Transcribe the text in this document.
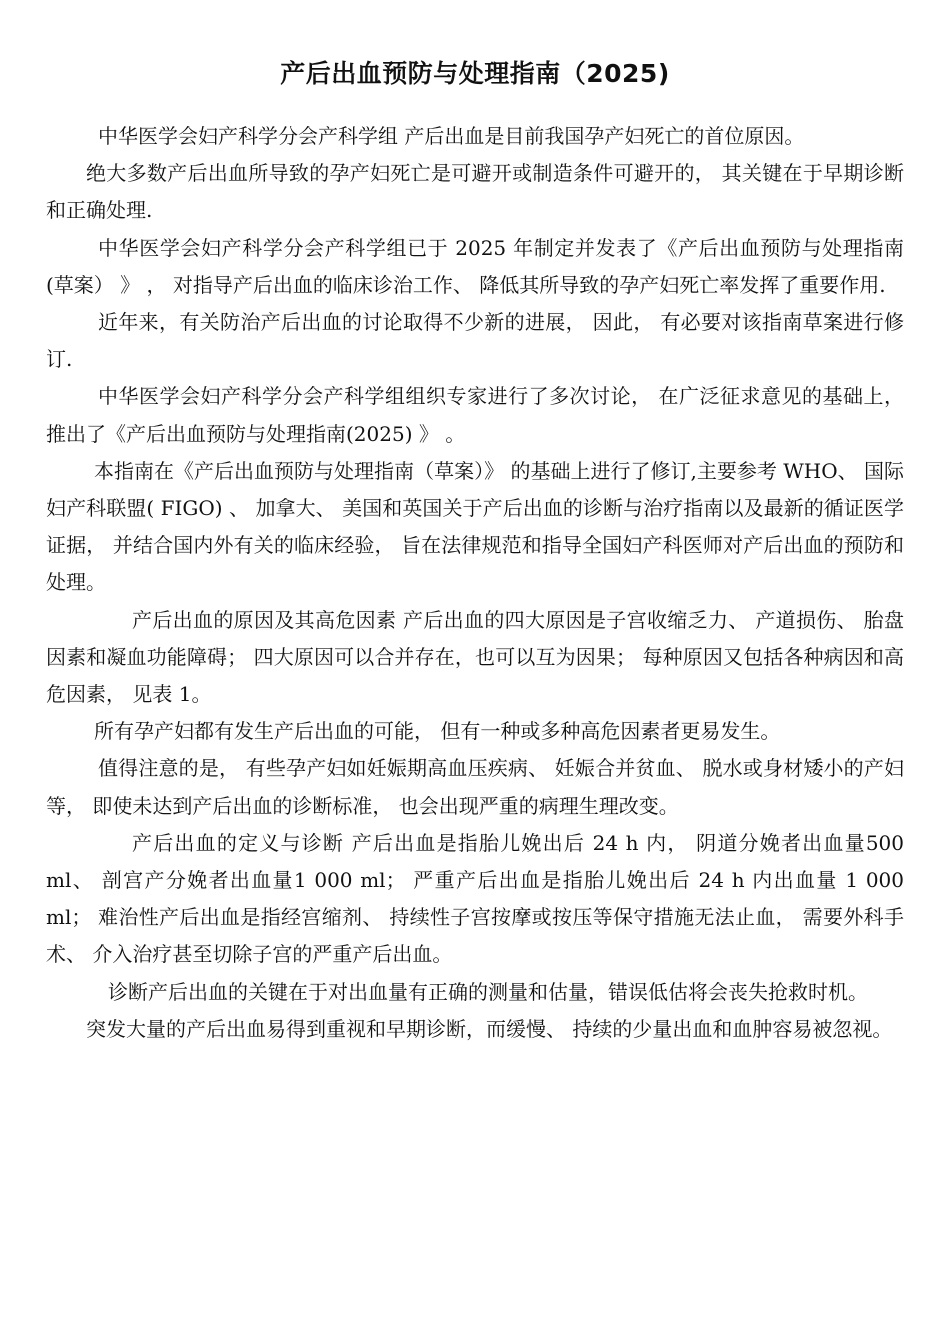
产后出血预防与处理指南（2025)

中华医学会妇产科学分会产科学组 产后出血是目前我国孕产妇死亡的首位原因。

绝大多数产后出血所导致的孕产妇死亡是可避开或制造条件可避开的， 其关键在于早期诊断和正确处理.

中华医学会妇产科学分会产科学组已于 2025 年制定并发表了《产后出血预防与处理指南(草案） 》 ， 对指导产后出血的临床诊治工作、 降低其所导致的孕产妇死亡率发挥了重要作用.

近年来，有关防治产后出血的讨论取得不少新的进展， 因此， 有必要对该指南草案进行修订.

中华医学会妇产科学分会产科学组组织专家进行了多次讨论， 在广泛征求意见的基础上， 推出了《产后出血预防与处理指南(2025) 》 。

本指南在《产后出血预防与处理指南（草案）》 的基础上进行了修订,主要参考 WHO、 国际妇产科联盟( FIGO) 、 加拿大、 美国和英国关于产后出血的诊断与治疗指南以及最新的循证医学证据， 并结合国内外有关的临床经验， 旨在法律规范和指导全国妇产科医师对产后出血的预防和处理。

产后出血的原因及其高危因素 产后出血的四大原因是子宫收缩乏力、 产道损伤、 胎盘因素和凝血功能障碍； 四大原因可以合并存在，也可以互为因果； 每种原因又包括各种病因和高危因素， 见表 1。

所有孕产妇都有发生产后出血的可能， 但有一种或多种高危因素者更易发生。

值得注意的是， 有些孕产妇如妊娠期高血压疾病、 妊娠合并贫血、 脱水或身材矮小的产妇等， 即使未达到产后出血的诊断标准， 也会出现严重的病理生理改变。

产后出血的定义与诊断 产后出血是指胎儿娩出后 24 h 内， 阴道分娩者出血量500 ml、 剖宫产分娩者出血量1 000 ml； 严重产后出血是指胎儿娩出后 24 h 内出血量 1 000 ml； 难治性产后出血是指经宫缩剂、 持续性子宫按摩或按压等保守措施无法止血， 需要外科手术、 介入治疗甚至切除子宫的严重产后出血。

诊断产后出血的关键在于对出血量有正确的测量和估量，错误低估将会丧失抢救时机。

突发大量的产后出血易得到重视和早期诊断，而缓慢、 持续的少量出血和血肿容易被忽视。
